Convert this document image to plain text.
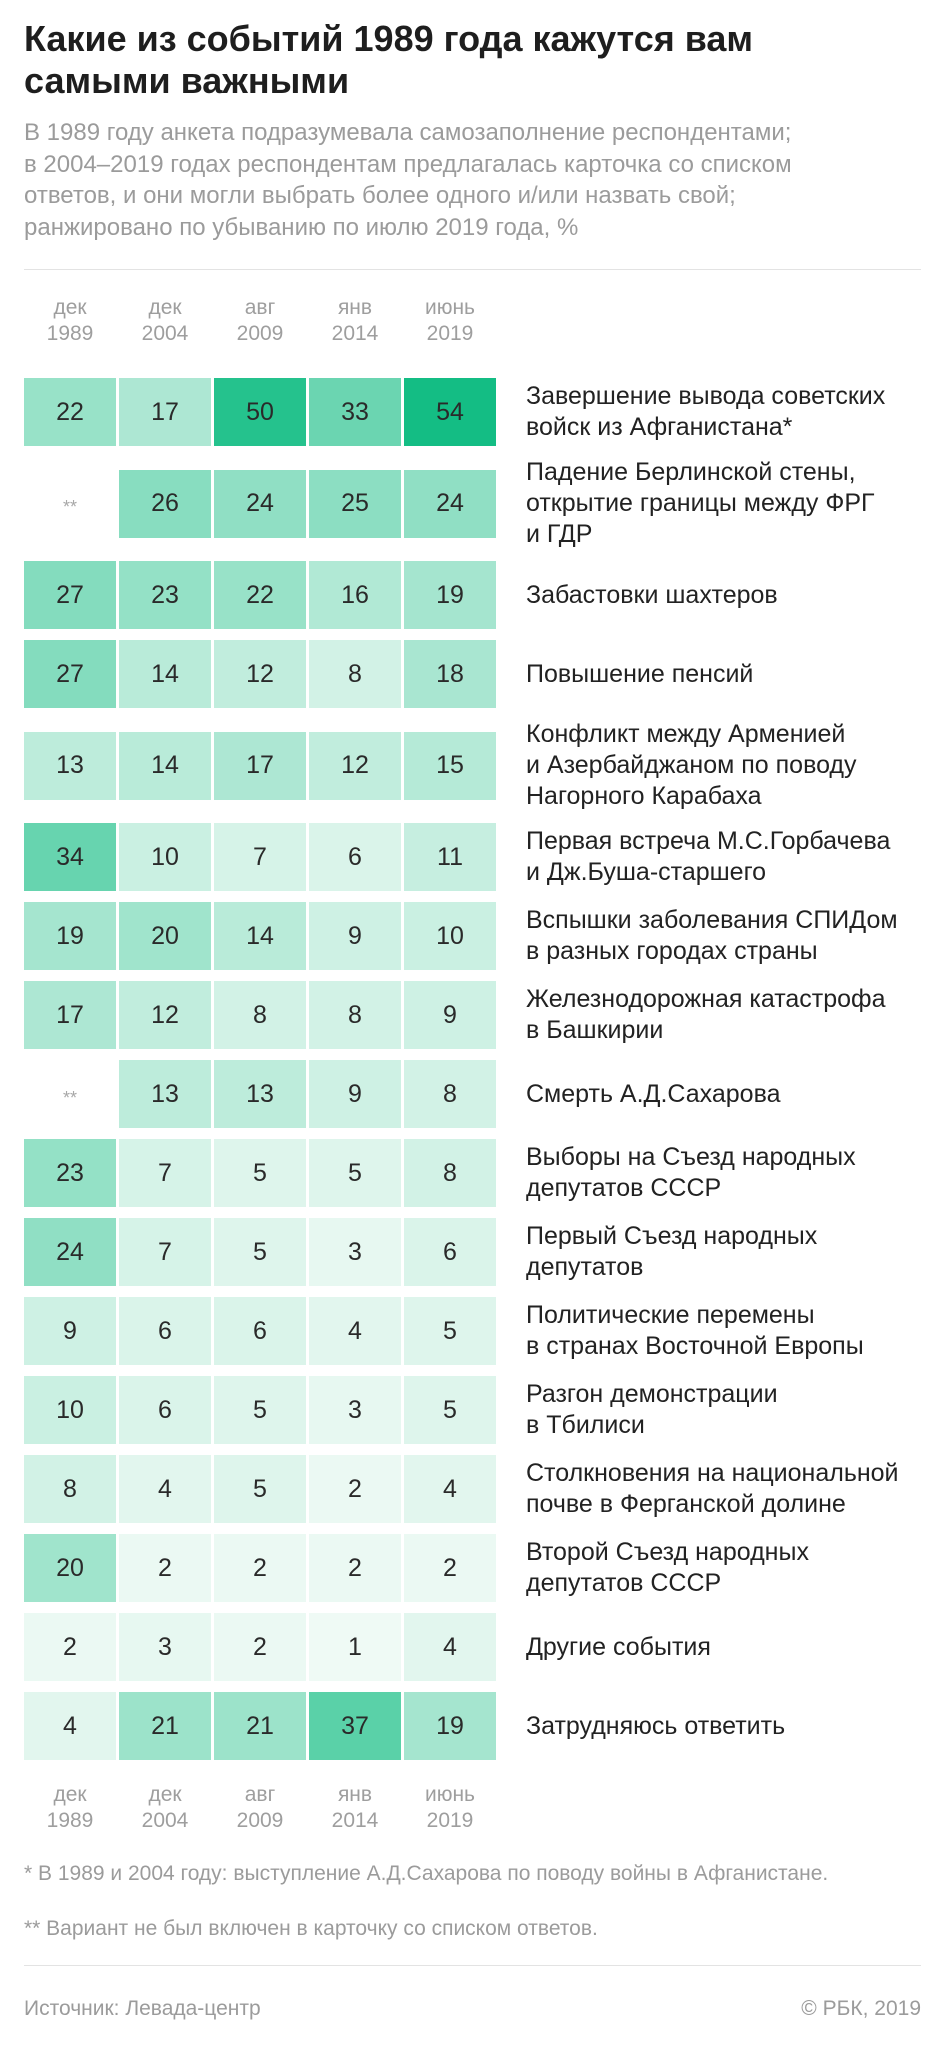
Какие из событий 1989 года кажутся вам
самыми важными
В 1989 году анкета подразумевала самозаполнение респондентами;
в 2004–2019 годах респондентам предлагалась карточка со списком
ответов, и они могли выбрать более одного и/или назвать свой;
ранжировано по убыванию по июлю 2019 года, %
дек
1989
дек
2004
авг
2009
янв
2014
июнь
2019
22	17	50	33	54
Завершение вывода советских
войск из Афганистана*
**	26	24	25	24
Падение Берлинской стены,
открытие границы между ФРГ
и ГДР
27	23	22	16	19	Забастовки шахтеров
27	14	12	8	18	Повышение пенсий
13	14	17	12	15
Конфликт между Арменией
и Азербайджаном по поводу
Нагорного Карабаха
34	10	7	6	11
Первая встреча М.С.Горбачева
и Дж.Буша-старшего
19	20	14	9	10
Вспышки заболевания СПИДом
в разных городах страны
17	12	8	8	9
Железнодорожная катастрофа
в Башкирии
**	13	13	9	8	Смерть А.Д.Сахарова
23	7	5	5	8
Выборы на Съезд народных
депутатов СССР
24	7	5	3	6
Первый Съезд народных
депутатов
9	6	6	4	5
Политические перемены
в странах Восточной Европы
10	6	5	3	5
Разгон демонстрации
в Тбилиси
8	4	5	2	4
Столкновения на национальной
почве в Ферганской долине
20	2	2	2	2
Второй Съезд народных
депутатов СССР
2	3	2	1	4	Другие события
4	21	21	37	19	Затрудняюсь ответить
дек
1989
дек
2004
авг
2009
янв
2014
июнь
2019
* В 1989 и 2004 году: выступление А.Д.Сахарова по поводу войны в Афганистане.
** Вариант не был включен в карточку со списком ответов.
Источник: Левада-центр	© РБК, 2019
